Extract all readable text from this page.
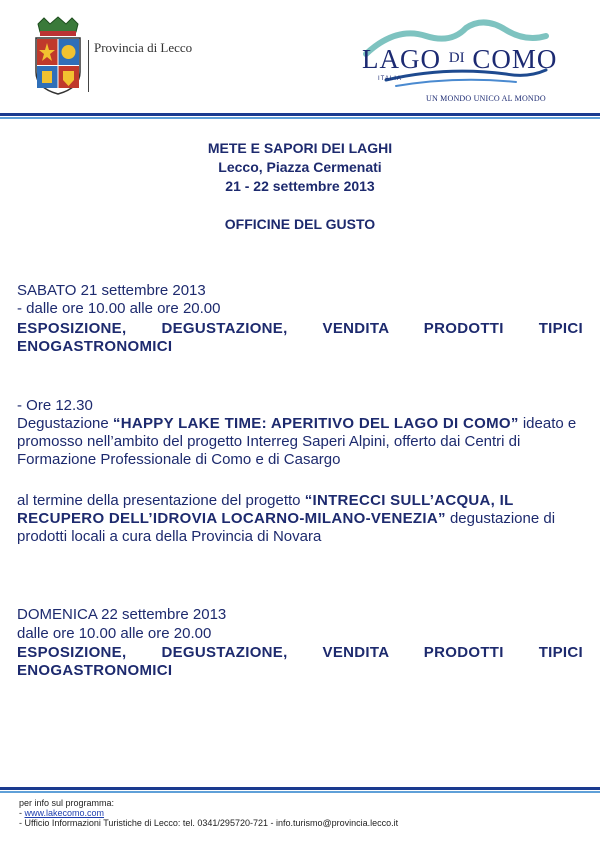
Provincia di Lecco	LAGO $^{DI}$ COMO
ITALIA
UN MONDO UNICO AL MONDO
METE E SAPORI DEI LAGHI
Lecco, Piazza Cermenati
21 - 22 settembre 2013
OFFICINE DEL GUSTO
SABATO 21 settembre 2013
- dalle ore 10.00 alle ore 20.00
ESPOSIZIONE, DEGUSTAZIONE, VENDITA PRODOTTI TIPICI ENOGASTRONOMICI
- Ore 12.30
Degustazione “HAPPY LAKE TIME: APERITIVO DEL LAGO DI COMO” ideato e promosso nell’ambito del progetto Interreg Saperi Alpini, offerto dai Centri di Formazione Professionale di Como e di Casargo
al termine della presentazione del progetto “INTRECCI SULL’ACQUA, IL RECUPERO DELL’IDROVIA LOCARNO-MILANO-VENEZIA” degustazione di prodotti locali a cura della Provincia di Novara
DOMENICA 22 settembre 2013
dalle ore 10.00 alle ore 20.00
ESPOSIZIONE, DEGUSTAZIONE, VENDITA PRODOTTI TIPICI ENOGASTRONOMICI
per info sul programma:
- www.lakecomo.com
- Ufficio Informazioni Turistiche di Lecco: tel. 0341/295720-721 - info.turismo@provincia.lecco.it
